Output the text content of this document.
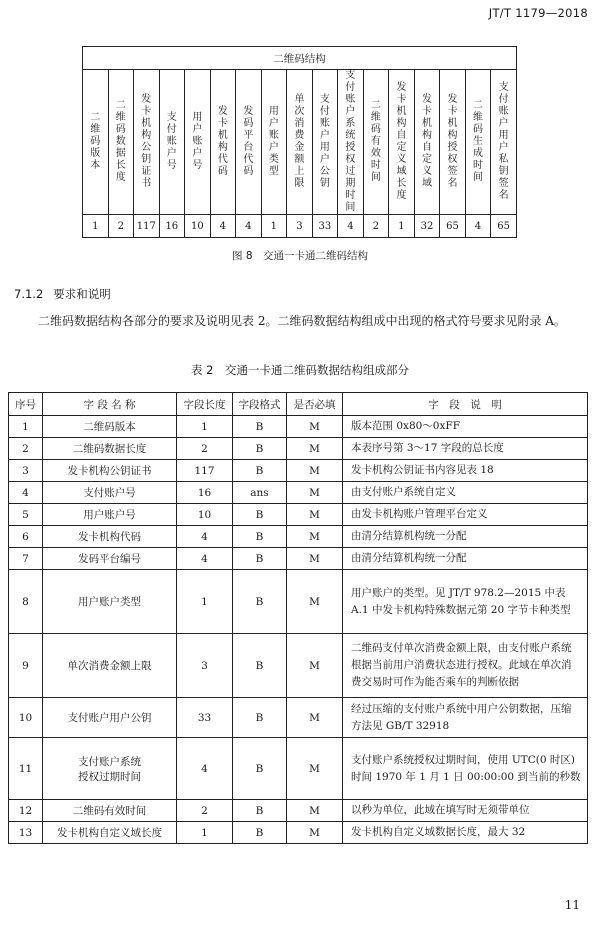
JT/T 1179—2018
二维码结构																
二维码版本	二维码数据长度	发卡机构公钥证书	支付账户号	用户账户号	发卡机构代码	发码平台代码	用户账户类型	单次消费金额上限	支付账户用户公钥	支付账户系统授权过期时间	二维码有效时间	发卡机构自定义域长度	发卡机构自定义域	发卡机构授权签名	二维码生成时间	支付账户用户私钥签名
1	2	117	16	10	4	4	1	3	33	4	2	1	32	65	4	65
图 8　交通一卡通二维码结构
7.1.2 要求和说明
二维码数据结构各部分的要求及说明见表 2。二维码数据结构组成中出现的格式符号要求见附录 A。
表 2　交通一卡通二维码数据结构组成部分
序号	字 段 名 称	字段长度	字段格式	是否必填	字　段　说　明
1	二维码版本	1	B	M	版本范围 0x80～0xFF
2	二维码数据长度	2	B	M	本表序号第 3～17 字段的总长度
3	发卡机构公钥证书	117	B	M	发卡机构公钥证书内容见表 18
4	支付账户号	16	ans	M	由支付账户系统自定义
5	用户账户号	10	B	M	由发卡机构账户管理平台定义
6	发卡机构代码	4	B	M	由清分结算机构统一分配
7	发码平台编号	4	B	M	由清分结算机构统一分配
8	用户账户类型	1	B	M	用户账户的类型。见 JT/T 978.2—2015 中表 A.1 中发卡机构特殊数据元第 20 字节卡种类型
9	单次消费金额上限	3	B	M	二维码支付单次消费金额上限，由支付账户系统根据当前用户消费状态进行授权。此域在单次消费交易时可作为能否乘车的判断依据
10	支付账户用户公钥	33	B	M	经过压缩的支付账户系统中用户公钥数据，压缩方法见 GB/T 32918
11	支付账户系统
授权过期时间	4	B	M	支付账户系统授权过期时间，使用 UTC(0 时区)时间 1970 年 1 月 1 日 00:00:00 到当前的秒数
12	二维码有效时间	2	B	M	以秒为单位，此域在填写时无须带单位
13	发卡机构自定义域长度	1	B	M	发卡机构自定义域数据长度，最大 32
11
